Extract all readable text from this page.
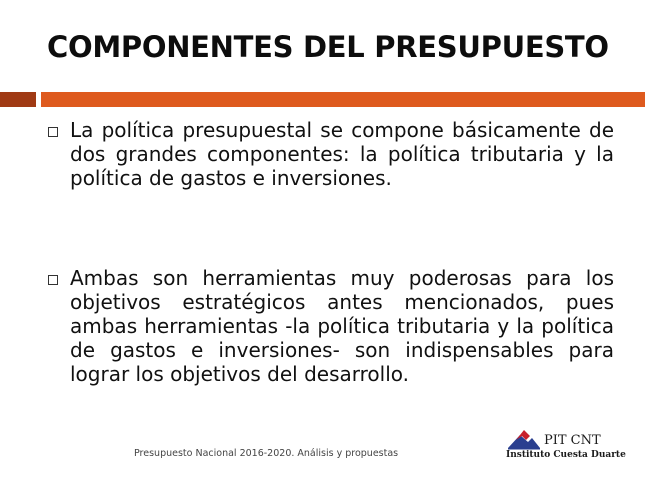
COMPONENTES DEL PRESUPUESTO

La política presupuestal se compone básicamente de dos grandes componentes: la política tributaria y la política de gastos e inversiones.

Ambas son herramientas muy poderosas para los objetivos estratégicos antes mencionados, pues ambas herramientas -la política tributaria y la política de gastos e inversiones- son indispensables para lograr los objetivos del desarrollo.

Presupuesto Nacional 2016-2020. Análisis y propuestas
PIT CNT
Instituto Cuesta Duarte
